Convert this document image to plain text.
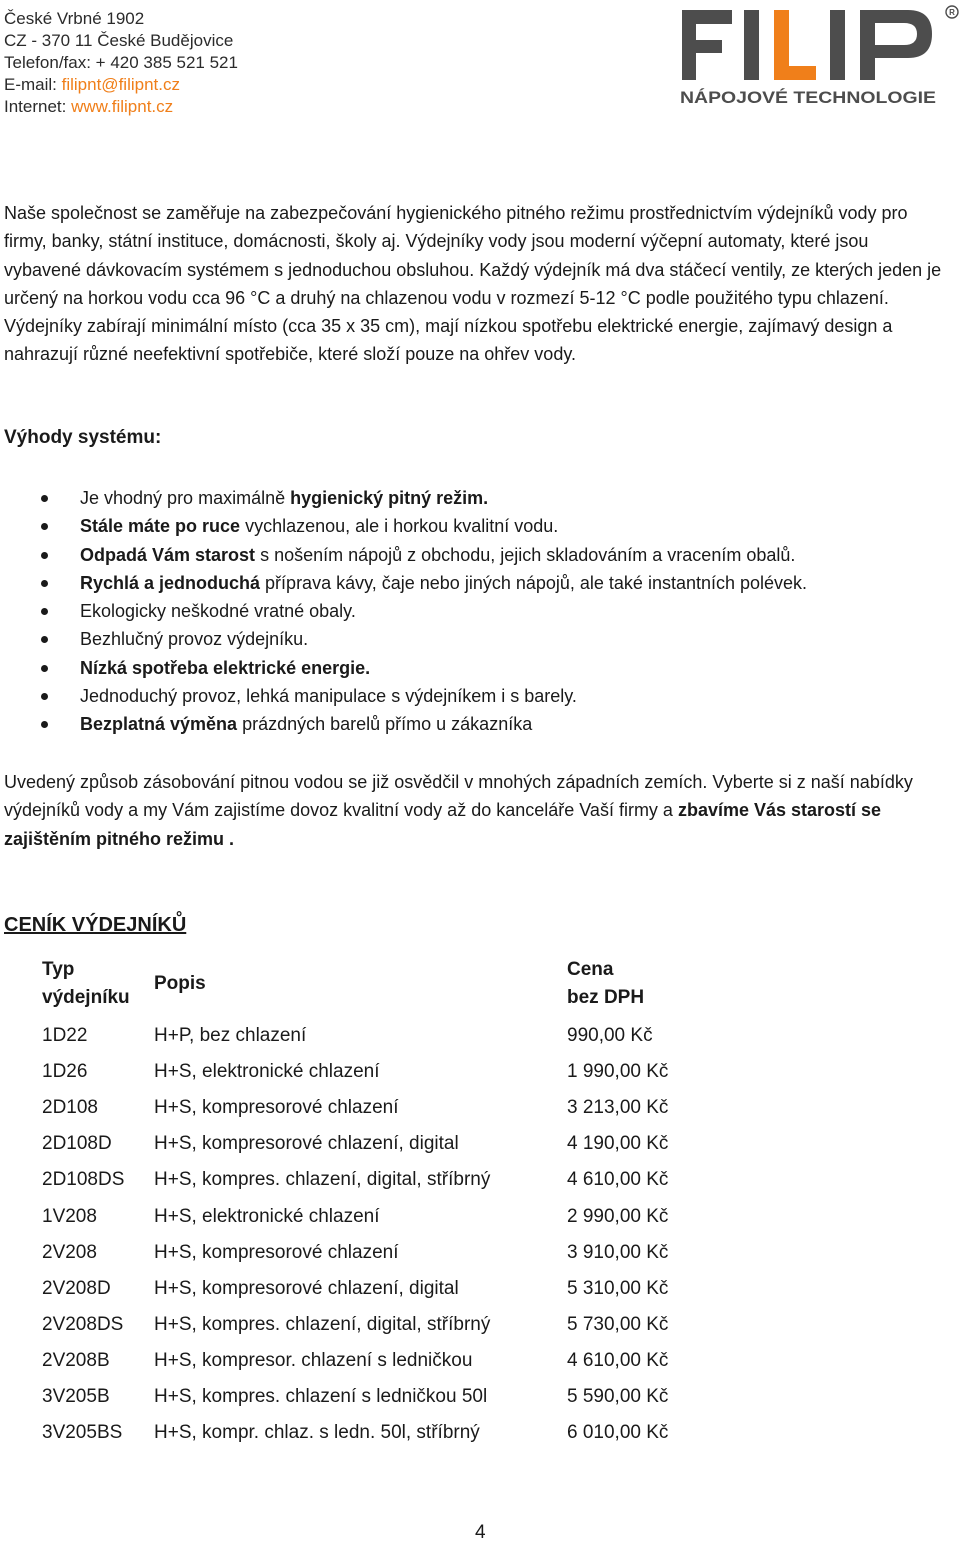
České Vrbné 1902
CZ - 370 11 České Budějovice
Telefon/fax: + 420 385 521 521
E-mail: filipnt@filipnt.cz
Internet: www.filipnt.cz
R
NÁPOJOVÉ TECHNOLOGIE

Naše společnost se zaměřuje na zabezpečování hygienického pitného režimu prostřednictvím výdejníků vody pro firmy, banky, státní instituce, domácnosti, školy aj. Výdejníky vody jsou moderní výčepní automaty, které jsou vybavené dávkovacím systémem s jednoduchou obsluhou. Každý výdejník má dva stáčecí ventily, ze kterých jeden je určený na horkou vodu cca 96 °C a druhý na chlazenou vodu v rozmezí 5-12 °C podle použitého typu chlazení. Výdejníky zabírají minimální místo (cca 35 x 35 cm), mají nízkou spotřebu elektrické energie, zajímavý design a nahrazují různé neefektivní spotřebiče, které složí pouze na ohřev vody.

Výhody systému:
Je vhodný pro maximálně hygienický pitný režim.
Stále máte po ruce vychlazenou, ale i horkou kvalitní vodu.
Odpadá Vám starost s nošením nápojů z obchodu, jejich skladováním a vracením obalů.
Rychlá a jednoduchá příprava kávy, čaje nebo jiných nápojů, ale také instantních polévek.
Ekologicky neškodné vratné obaly.
Bezhlučný provoz výdejníku.
Nízká spotřeba elektrické energie.
Jednoduchý provoz, lehká manipulace s výdejníkem i s barely.
Bezplatná výměna prázdných barelů přímo u zákazníka

Uvedený způsob zásobování pitnou vodou se již osvědčil v mnohých západních zemích. Vyberte si z naší nabídky výdejníků vody a my Vám zajistíme dovoz kvalitní vody až do kanceláře Vaší firmy a zbavíme Vás starostí se zajištěním pitného režimu .

CENÍK VÝDEJNÍKŮ
Typ
výdejníku	Popis	Cena
bez DPH
1D22	H+P, bez chlazení	990,00 Kč
1D26	H+S, elektronické chlazení	1 990,00 Kč
2D108	H+S, kompresorové chlazení	3 213,00 Kč
2D108D	H+S, kompresorové chlazení, digital	4 190,00 Kč
2D108DS	H+S, kompres. chlazení, digital, stříbrný	4 610,00 Kč
1V208	H+S, elektronické chlazení	2 990,00 Kč
2V208	H+S, kompresorové chlazení	3 910,00 Kč
2V208D	H+S, kompresorové chlazení, digital	5 310,00 Kč
2V208DS	H+S, kompres. chlazení, digital, stříbrný	5 730,00 Kč
2V208B	H+S, kompresor. chlazení s ledničkou	4 610,00 Kč
3V205B	H+S, kompres. chlazení s ledničkou 50l	5 590,00 Kč
3V205BS	H+S, kompr. chlaz. s ledn. 50l, stříbrný	6 010,00 Kč
4
